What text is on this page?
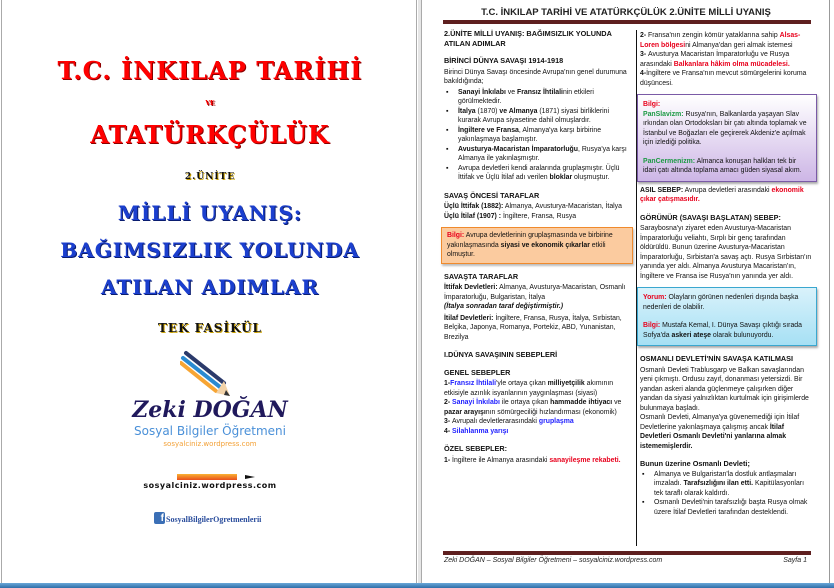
T.C. İNKILAP TARİHİ
VE
ATATÜRKÇÜLÜK
2.ÜNİTE
MİLLİ UYANIŞ:
BAĞIMSIZLIK YOLUNDA
ATILAN ADIMLAR
TEK FASİKÜL
Zeki DOĞAN
Sosyal Bilgiler Öğretmeni
sosyalciniz.wordpress.com
sosyalciniz.wordpress.com
f SosyalBilgilerOgretmenlerii
T.C. İNKILAP TARİHİ VE ATATÜRKÇÜLÜK 2.ÜNİTE MİLLİ UYANIŞ
2.ÜNİTE MİLLİ UYANIŞ: BAĞIMSIZLIK YOLUNDA ATILAN ADIMLAR
BİRİNCİ DÜNYA SAVAŞI 1914-1918
Birinci Dünya Savaşı öncesinde Avrupa'nın genel durumuna bakıldığında;
▪ Sanayi İnkılabı ve Fransız İhtilalinin etkileri görülmektedir.
▪ İtalya (1870) ve Almanya (1871) siyasi birliklerini kurarak Avrupa siyasetine dahil olmuşlardır.
▪ İngiltere ve Fransa, Almanya'ya karşı birbirine yakınlaşmaya başlamıştır.
▪ Avusturya-Macaristan İmparatorluğu, Rusya'ya karşı Almanya ile yakınlaşmıştır.
▪ Avrupa devletleri kendi aralarında gruplaşmıştır. Üçlü İttifak ve Üçlü İtilaf adı verilen bloklar oluşmuştur.
SAVAŞ ÖNCESİ TARAFLAR
Üçlü İttifak (1882): Almanya, Avusturya-Macaristan, İtalya
Üçlü İtilaf (1907) : İngiltere, Fransa, Rusya
Bilgi: Avrupa devletlerinin gruplaşmasında ve birbirine yakınlaşmasında siyasi ve ekonomik çıkarlar etkili olmuştur.
SAVAŞTA TARAFLAR
İttifak Devletleri: Almanya, Avusturya-Macaristan, Osmanlı İmparatorluğu, Bulgaristan, İtalya
(İtalya sonradan taraf değiştirmiştir.)
İtilaf Devletleri: İngiltere, Fransa, Rusya, İtalya, Sırbistan, Belçika, Japonya, Romanya, Portekiz, ABD, Yunanistan, Brezilya
I.DÜNYA SAVAŞININ SEBEPLERİ
GENEL SEBEPLER
1-Fransız İhtilali'yle ortaya çıkan milliyetçilik akımının etkisiyle azınlık isyanlarının yaygınlaşması (siyasi)
2- Sanayi İnkılabı ile ortaya çıkan hammadde ihtiyacı ve pazar arayışının sömürgeciliği hızlandırması (ekonomik)
3- Avrupalı devletlerarasındaki gruplaşma
4- Silahlanma yarışı
ÖZEL SEBEPLER:
1- İngiltere ile Almanya arasındaki sanayileşme rekabeti.
2- Fransa'nın zengin kömür yataklarına sahip Alsas-Loren bölgesini Almanya'dan geri almak istemesi
3- Avusturya Macaristan İmparatorluğu ve Rusya arasındaki Balkanlara hâkim olma mücadelesi.
4-İngiltere ve Fransa'nın mevcut sömürgelerini koruma düşüncesi.
Bilgi:
PanSlavizm: Rusya'nın, Balkanlarda yaşayan Slav ırkından olan Ortodoksları bir çatı altında toplamak ve İstanbul ve Boğazları ele geçirerek Akdeniz'e açılmak için izlediği politika.
PanCermenizm: Almanca konuşan halkları tek bir idari çatı altında toplama amacı güden siyasal akım.
ASIL SEBEP: Avrupa devletleri arasındaki ekonomik çıkar çatışmasıdır.
GÖRÜNÜR (SAVAŞI BAŞLATAN) SEBEP:
Saraybosna'yı ziyaret eden Avusturya-Macaristan İmparatorluğu veliahtı, Sırplı bir genç tarafından öldürüldü. Bunun üzerine Avusturya-Macaristan İmparatorluğu, Sırbistan'a savaş açtı. Rusya Sırbistan'ın yanında yer aldı. Almanya Avusturya Macaristan'ın, İngiltere ve Fransa ise Rusya'nın yanında yer aldı.
Yorum: Olayların görünen nedenleri dışında başka nedenleri de olabilir.
Bilgi: Mustafa Kemal, I. Dünya Savaşı çıktığı sırada Sofya'da askeri ateşe olarak bulunuyordu.
OSMANLI DEVLETİ'NİN SAVAŞA KATILMASI
Osmanlı Devleti Trablusgarp ve Balkan savaşlarından yeni çıkmıştı. Ordusu zayıf, donanması yetersizdi. Bir yandan askeri alanda güçlenmeye çalışırken diğer yandan da siyasi yalnızlıktan kurtulmak için girişimlerde bulunmaya başladı.
Osmanlı Devleti, Almanya'ya güvenemediği için İtilaf Devletlerine yakınlaşmaya çalışmış ancak İtilaf Devletleri Osmanlı Devleti'ni yanlarına almak istememişlerdir.
Bunun üzerine Osmanlı Devleti;
▪ Almanya ve Bulgaristan'la dostluk antlaşmaları imzaladı. Tarafsızlığını ilan etti. Kapitülasyonları tek taraflı olarak kaldırdı.
▪ Osmanlı Devleti'nin tarafsızlığı başta Rusya olmak üzere İtilaf Devletleri tarafından desteklendi.
Zeki DOĞAN – Sosyal Bilgiler Öğretmeni – sosyalciniz.wordpress.com	Sayfa 1
